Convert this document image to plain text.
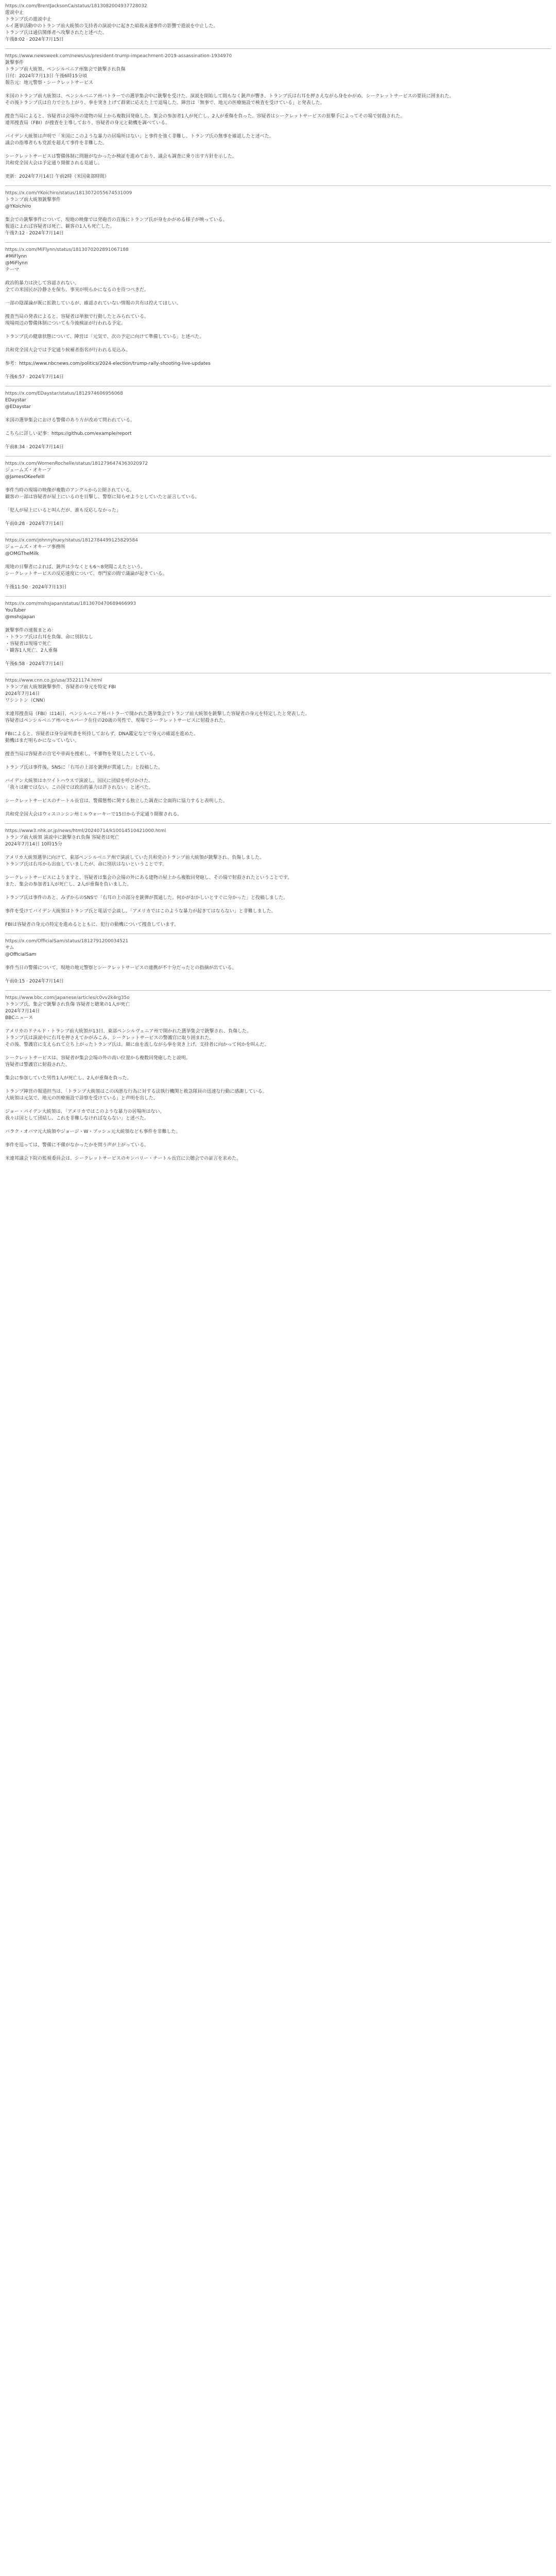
https://x.com/BrentJacksonCa/status/1813082004937728032
遊説中止
トランプ氏の遊説中止
ルイ選挙活動中のトランプ前大統領の支持者の演説中に起きた暗殺未遂事件の影響で遊説を中止した。
トランプ氏は通信関係者へ攻撃されたと述べた。
午後8:02 · 2024年7月15日
https://www.newsweek.com/news/us/president-trump-impeachment-2019-assassination-1934970
銃撃事件
トランプ前大統領、ペンシルベニア州集会で銃撃され負傷
日付：2024年7月13日 午後6時15分頃
報告元：地元警察・シークレットサービス

米国のトランプ前大統領は、ペンシルベニア州バトラーでの選挙集会中に銃撃を受けた。演説を開始して間もなく銃声が響き、トランプ氏は右耳を押さえながら身をかがめ、シークレットサービスの要員に囲まれた。
その後トランプ氏は自力で立ち上がり、拳を突き上げて群衆に応えた上で退場した。陣営は「無事で、地元の医療施設で検査を受けている」と発表した。

捜査当局によると、容疑者は会場外の建物の屋上から複数回発砲した。集会の参加者1人が死亡し、2人が重傷を負った。容疑者はシークレットサービスの狙撃手によってその場で射殺された。
連邦捜査局（FBI）が捜査を主導しており、容疑者の身元と動機を調べている。

バイデン大統領は声明で「米国にこのような暴力の居場所はない」と事件を強く非難し、トランプ氏の無事を確認したと述べた。
議会の指導者らも党派を超えて事件を非難した。

シークレットサービスは警備体制に問題がなかったか検証を進めており、議会も調査に乗り出す方針を示した。
共和党全国大会は予定通り開催される見通し。

更新：2024年7月14日 午前2時（米国東部時間）
https://x.com/YKoichiro/status/1813072055674531009
トランプ前大統領銃撃事件
@YKoichiro

集会での銃撃事件について、現地の映像では発砲音の直後にトランプ氏が身をかがめる様子が映っている。
報道によれば容疑者は死亡、観客の1人も死亡した。
午後7:12 · 2024年7月14日
https://x.com/MiFlynn/status/1813070202891067188
#MiFlynn
@MiFlynn
テーマ

政治的暴力は決して容認されない。
全ての米国民が冷静さを保ち、事実が明らかになるのを待つべきだ。

一部の陰謀論が既に拡散しているが、確認されていない情報の共有は控えてほしい。

捜査当局の発表によると、容疑者は単独で行動したとみられている。
現場周辺の警備体制についても今後検証が行われる予定。

トランプ氏の健康状態について、陣営は「元気で、次の予定に向けて準備している」と述べた。

共和党全国大会では予定通り候補者指名が行われる見込み。

参考：https://www.nbcnews.com/politics/2024-election/trump-rally-shooting-live-updates

午後6:57 · 2024年7月14日
https://x.com/EDaystar/status/1812974606956068
EDaystar
@EDaystar

米国の選挙集会における警備のあり方が改めて問われている。

こちらに詳しい記事：https://github.com/example/report

午前8:34 · 2024年7月14日
https://x.com/WomenRochelle/status/1812796474363020972
ジェームズ・オキーフ
@JamesOKeefeIII

事件当時の現場の映像が複数のアングルから公開されている。
観客の一部は容疑者が屋上にいるのを目撃し、警察に知らせようとしていたと証言している。

「犯人が屋上にいると叫んだが、誰も反応しなかった」

午前0:28 · 2024年7月14日
https://x.com/johnnyhuey/status/1812784499125829584
ジェームズ・オキーフ事務所
@OMGTheMilk

現地の目撃者によれば、銃声は少なくとも6〜8発聞こえたという。
シークレットサービスの反応速度について、専門家の間で議論が起きている。

午後11:50 · 2024年7月13日
https://x.com/mshsJapan/status/1813070470689466993
YouTuber
@mshsJapan

銃撃事件の速報まとめ：
・トランプ氏は右耳を負傷、命に別状なし
・容疑者は現場で死亡
・観客1人死亡、2人重傷

午後6:58 · 2024年7月14日
https://www.cnn.co.jp/usa/35221174.html
トランプ前大統領銃撃事件、容疑者の身元を特定 FBI
2024年7月14日
ワシントン（CNN）

米連邦捜査局（FBI）は14日、ペンシルベニア州バトラーで開かれた選挙集会でトランプ前大統領を銃撃した容疑者の身元を特定したと発表した。
容疑者はペンシルベニア州ベセルパーク在住の20歳の男性で、現場でシークレットサービスに射殺された。

FBIによると、容疑者は身分証明書を所持しておらず、DNA鑑定などで身元の確認を進めた。
動機はまだ明らかになっていない。

捜査当局は容疑者の自宅や車両を捜索し、不審物を発見したとしている。

トランプ氏は事件後、SNSに「右耳の上部を銃弾が貫通した」と投稿した。

バイデン大統領はホワイトハウスで演説し、国民に団結を呼びかけた。
「我々は敵ではない。この国では政治的暴力は許されない」と述べた。

シークレットサービスのチートル長官は、警備態勢に関する独立した調査に全面的に協力すると表明した。

共和党全国大会はウィスコンシン州ミルウォーキーで15日から予定通り開催される。
https://www3.nhk.or.jp/news/html/20240714/k10014510421000.html
トランプ前大統領 演説中に銃撃され負傷 容疑者は死亡
2024年7月14日 10時15分

アメリカ大統領選挙に向けて、東部ペンシルベニア州で演説していた共和党のトランプ前大統領が銃撃され、負傷しました。
トランプ氏は右耳から出血していましたが、命に別状はないということです。

シークレットサービスによりますと、容疑者は集会の会場の外にある建物の屋上から複数回発砲し、その場で射殺されたということです。
また、集会の参加者1人が死亡し、2人が重傷を負いました。

トランプ氏は事件のあと、みずからのSNSで「右耳の上の部分を銃弾が貫通した。何かがおかしいとすぐに分かった」と投稿しました。

事件を受けてバイデン大統領はトランプ氏と電話で会談し、「アメリカではこのような暴力が起きてはならない」と非難しました。

FBIは容疑者の身元の特定を進めるとともに、犯行の動機について捜査しています。
https://x.com/OfficialSam/status/1812791200034521
サム
@OfficialSam

事件当日の警備について、現地の地元警察とシークレットサービスの連携が不十分だったとの指摘が出ている。

午前0:15 · 2024年7月14日
https://www.bbc.com/japanese/articles/c0vv2k4rg35o
トランプ氏、集会で銃撃され負傷 容疑者と聴衆の1人が死亡
2024年7月14日
BBCニュース

アメリカのドナルド・トランプ前大統領が13日、東部ペンシルヴェニア州で開かれた選挙集会で銃撃され、負傷した。
トランプ氏は演説中に右耳を押さえてかがみこみ、シークレットサービスの警護官に取り囲まれた。
その後、警護官に支えられて立ち上がったトランプ氏は、顔に血を流しながら拳を突き上げ、支持者に向かって何かを叫んだ。

シークレットサービスは、容疑者が集会会場の外の高い位置から複数回発砲したと説明。
容疑者は警護官に射殺された。

集会に参加していた男性1人が死亡し、2人が重傷を負った。

トランプ陣営の報道担当は、「トランプ大統領はこの凶悪な行為に対する法執行機関と救急隊員の迅速な行動に感謝している。
大統領は元気で、地元の医療施設で診察を受けている」と声明を出した。

ジョー・バイデン大統領は、「アメリカではこのような暴力の居場所はない。
我々は国として団結し、これを非難しなければならない」と述べた。

バラク・オバマ元大統領やジョージ・W・ブッシュ元大統領なども事件を非難した。

事件を巡っては、警備に不備がなかったかを問う声が上がっている。

米連邦議会下院の監視委員会は、シークレットサービスのキンバリー・チートル長官に公聴会での証言を求めた。
